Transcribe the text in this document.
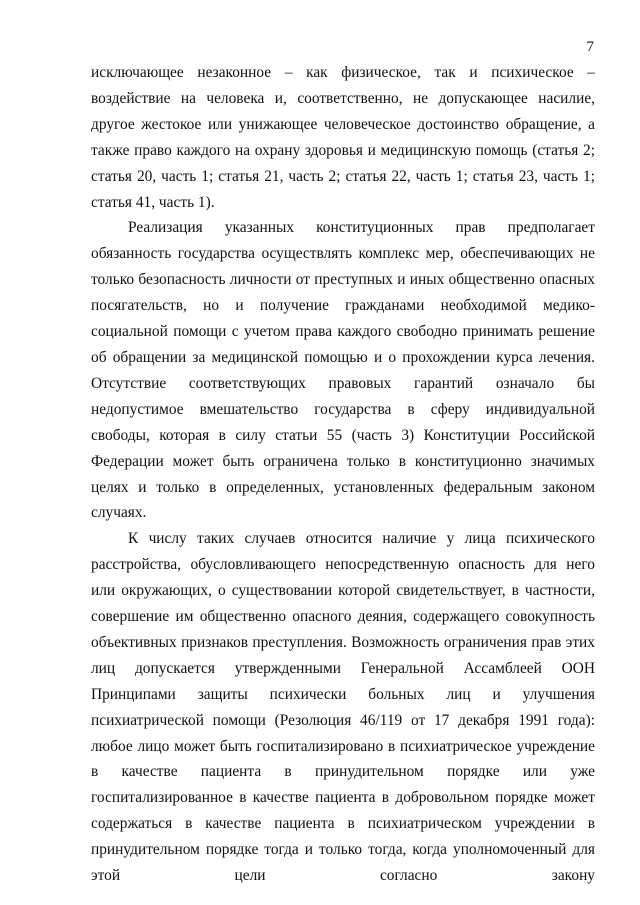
7

исключающее незаконное – как физическое, так и психическое – воздействие на человека и, соответственно, не допускающее насилие, другое жестокое или унижающее человеческое достоинство обращение, а также право каждого на охрану здоровья и медицинскую помощь (статья 2; статья 20, часть 1; статья 21, часть 2; статья 22, часть 1; статья 23, часть 1; статья 41, часть 1).

Реализация указанных конституционных прав предполагает обязанность государства осуществлять комплекс мер, обеспечивающих не только безопасность личности от преступных и иных общественно опасных посягательств, но и получение гражданами необходимой медико-социальной помощи с учетом права каждого свободно принимать решение об обращении за медицинской помощью и о прохождении курса лечения. Отсутствие соответствующих правовых гарантий означало бы недопустимое вмешательство государства в сферу индивидуальной свободы, которая в силу статьи 55 (часть 3) Конституции Российской Федерации может быть ограничена только в конституционно значимых целях и только в определенных, установленных федеральным законом случаях.

К числу таких случаев относится наличие у лица психического расстройства, обусловливающего непосредственную опасность для него или окружающих, о существовании которой свидетельствует, в частности, совершение им общественно опасного деяния, содержащего совокупность объективных признаков преступления. Возможность ограничения прав этих лиц допускается утвержденными Генеральной Ассамблеей ООН Принципами защиты психически больных лиц и улучшения психиатрической помощи (Резолюция 46/119 от 17 декабря 1991 года): любое лицо может быть госпитализировано в психиатрическое учреждение в качестве пациента в принудительном порядке или уже госпитализированное в качестве пациента в добровольном порядке может содержаться в качестве пациента в психиатрическом учреждении в принудительном порядке тогда и только тогда, когда уполномоченный для этой цели согласно закону
